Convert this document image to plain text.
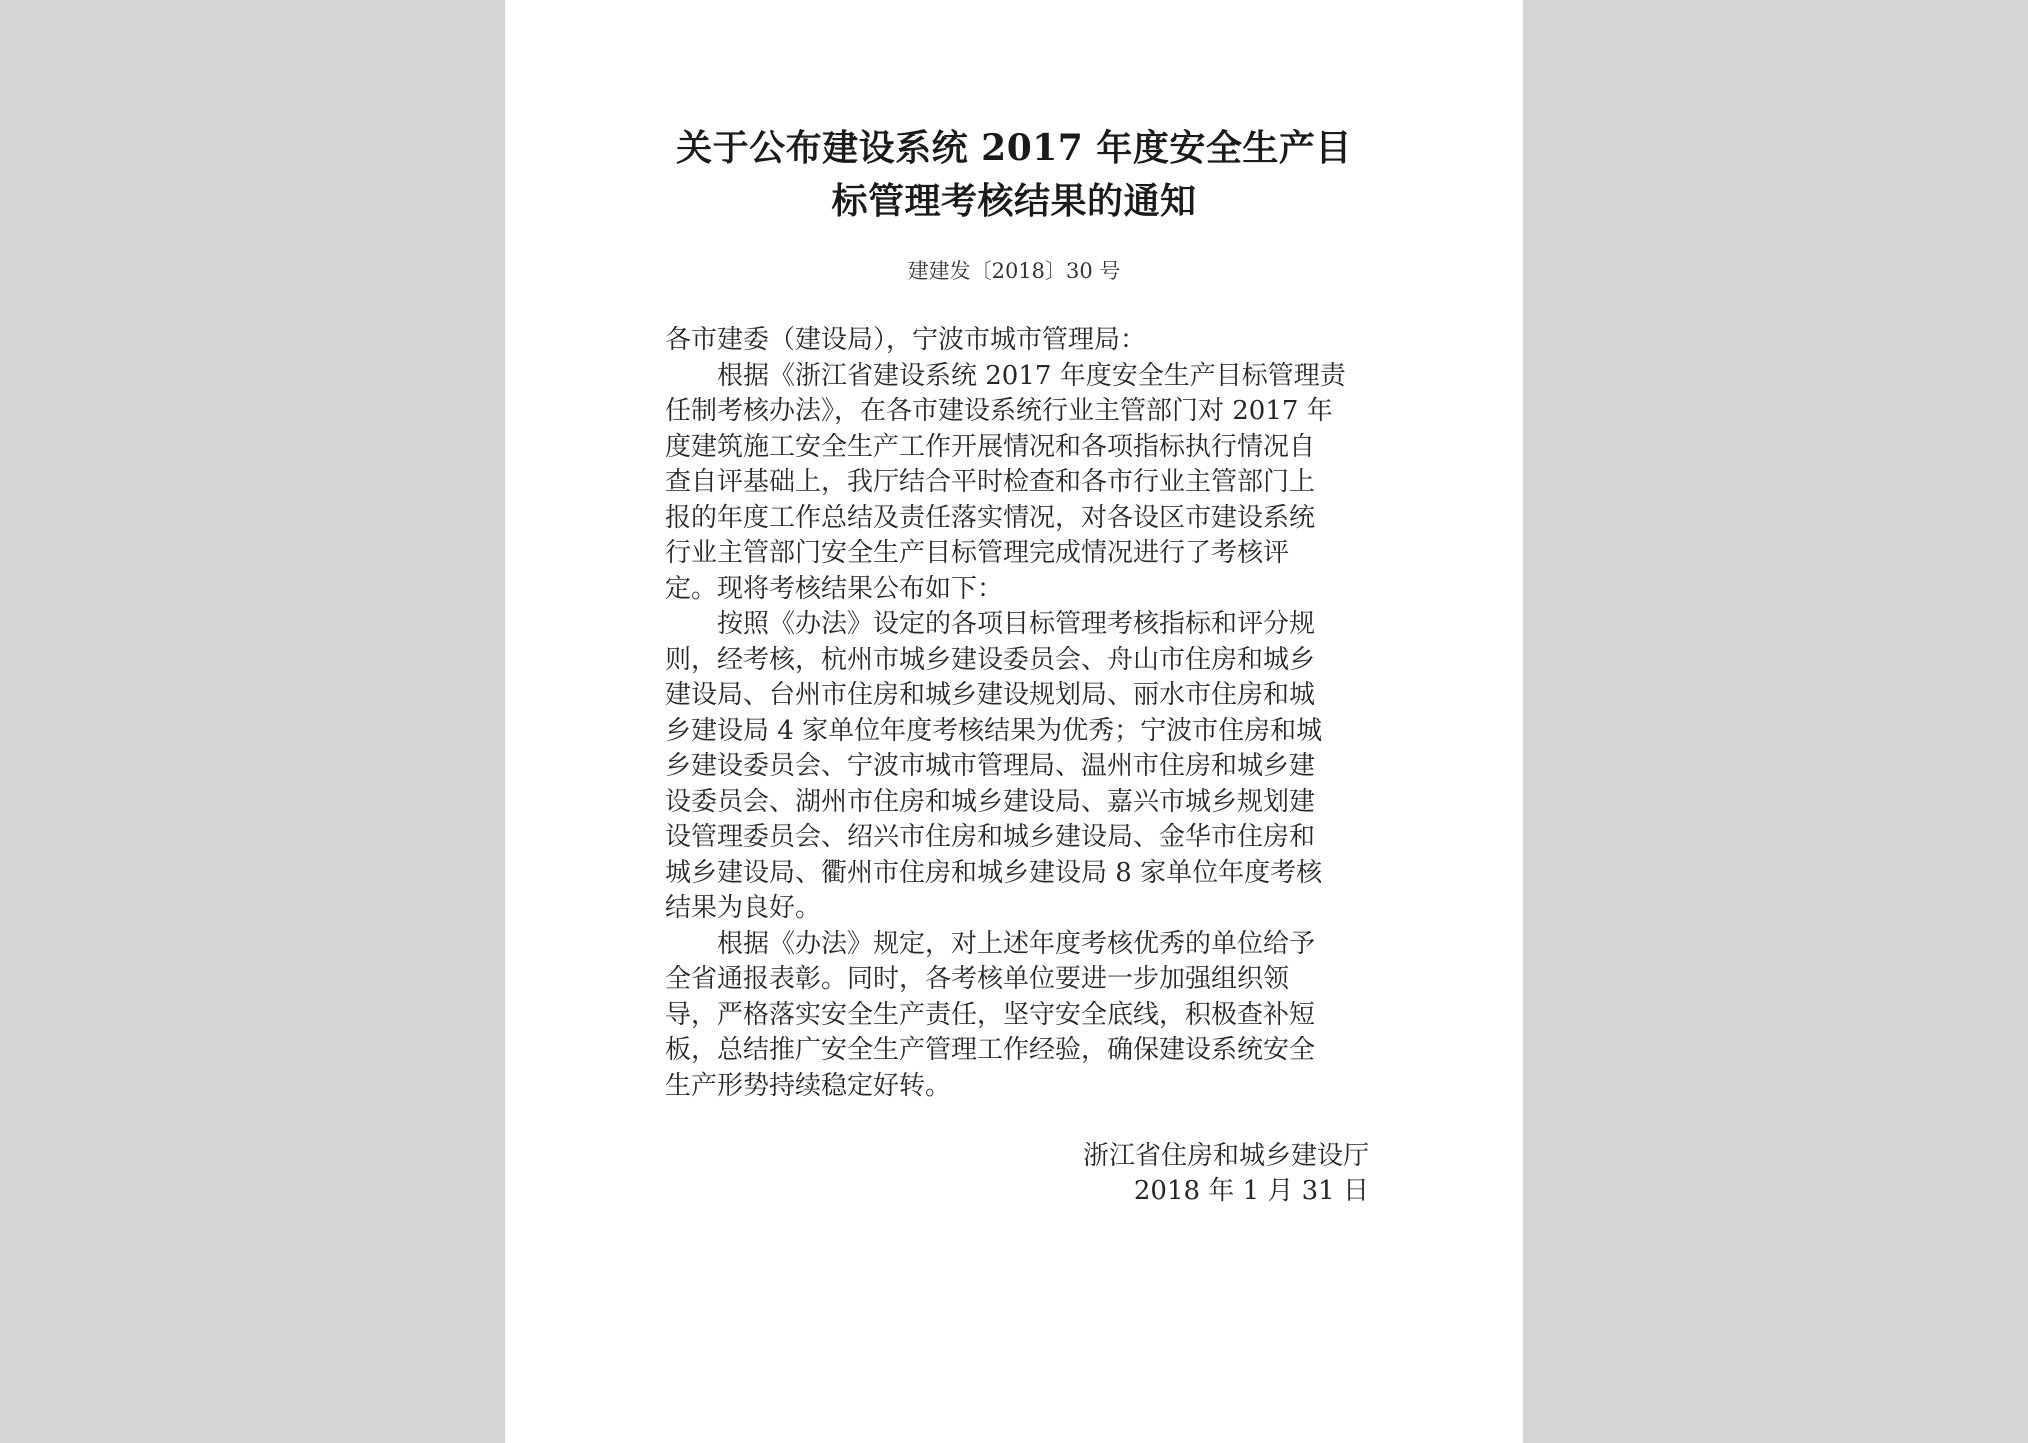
关于公布建设系统 2017 年度安全生产目
标管理考核结果的通知
建建发〔2018〕30 号
各市建委（建设局），宁波市城市管理局：
　　根据《浙江省建设系统 2017 年度安全生产目标管理责
任制考核办法》，在各市建设系统行业主管部门对 2017 年
度建筑施工安全生产工作开展情况和各项指标执行情况自
查自评基础上，我厅结合平时检查和各市行业主管部门上
报的年度工作总结及责任落实情况，对各设区市建设系统
行业主管部门安全生产目标管理完成情况进行了考核评
定。现将考核结果公布如下：
　　按照《办法》设定的各项目标管理考核指标和评分规
则，经考核，杭州市城乡建设委员会、舟山市住房和城乡
建设局、台州市住房和城乡建设规划局、丽水市住房和城
乡建设局 4 家单位年度考核结果为优秀；宁波市住房和城
乡建设委员会、宁波市城市管理局、温州市住房和城乡建
设委员会、湖州市住房和城乡建设局、嘉兴市城乡规划建
设管理委员会、绍兴市住房和城乡建设局、金华市住房和
城乡建设局、衢州市住房和城乡建设局 8 家单位年度考核
结果为良好。
　　根据《办法》规定，对上述年度考核优秀的单位给予
全省通报表彰。同时，各考核单位要进一步加强组织领
导，严格落实安全生产责任，坚守安全底线，积极查补短
板，总结推广安全生产管理工作经验，确保建设系统安全
生产形势持续稳定好转。
浙江省住房和城乡建设厅
2018 年 1 月 31 日
